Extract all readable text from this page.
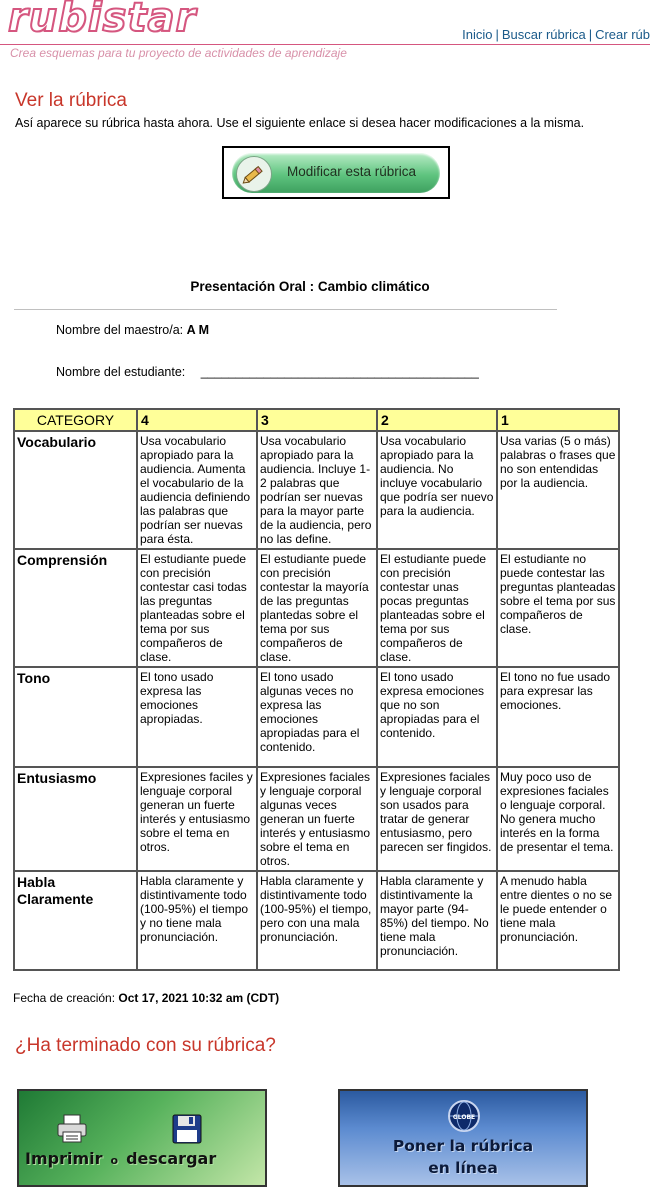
rubistar	Inicio | Buscar rúbrica | Crear rúb
Crea esquemas para tu proyecto de actividades de aprendizaje
Ver la rúbrica
Así aparece su rúbrica hasta ahora. Use el siguiente enlace si desea hacer modificaciones a la misma.
Modificar esta rúbrica
Presentación Oral : Cambio climático
Nombre del maestro/a: A M
Nombre del estudiante: ________________________________________
CATEGORY	4	3	2	1
Vocabulario	Usa vocabulario apropiado para la audiencia. Aumenta el vocabulario de la audiencia definiendo las palabras que podrían ser nuevas para ésta.	Usa vocabulario apropiado para la audiencia. Incluye 1-2 palabras que podrían ser nuevas para la mayor parte de la audiencia, pero no las define.	Usa vocabulario apropiado para la audiencia. No incluye vocabulario que podría ser nuevo para la audiencia.	Usa varias (5 o más) palabras o frases que no son entendidas por la audiencia.
Comprensión	El estudiante puede con precisión contestar casi todas las preguntas planteadas sobre el tema por sus compañeros de clase.	El estudiante puede con precisión contestar la mayoría de las preguntas plantedas sobre el tema por sus compañeros de clase.	El estudiante puede con precisión contestar unas pocas preguntas planteadas sobre el tema por sus compañeros de clase.	El estudiante no puede contestar las preguntas planteadas sobre el tema por sus compañeros de clase.
Tono	El tono usado expresa las emociones apropiadas.	El tono usado algunas veces no expresa las emociones apropiadas para el contenido.	El tono usado expresa emociones que no son apropiadas para el contenido.	El tono no fue usado para expresar las emociones.
Entusiasmo	Expresiones faciles y lenguaje corporal generan un fuerte interés y entusiasmo sobre el tema en otros.	Expresiones faciales y lenguaje corporal algunas veces generan un fuerte interés y entusiasmo sobre el tema en otros.	Expresiones faciales y lenguaje corporal son usados para tratar de generar entusiasmo, pero parecen ser fingidos.	Muy poco uso de expresiones faciales o lenguaje corporal. No genera mucho interés en la forma de presentar el tema.
Habla Claramente	Habla claramente y distintivamente todo (100-95%) el tiempo y no tiene mala pronunciación.	Habla claramente y distintivamente todo (100-95%) el tiempo, pero con una mala pronunciación.	Habla claramente y distintivamente la mayor parte (94-85%) del tiempo. No tiene mala pronunciación.	A menudo habla entre dientes o no se le puede entender o tiene mala pronunciación.
Fecha de creación: Oct 17, 2021 10:32 am (CDT)
¿Ha terminado con su rúbrica?
Imprimir o descargar
GLOBE
Poner la rúbrica
en línea
